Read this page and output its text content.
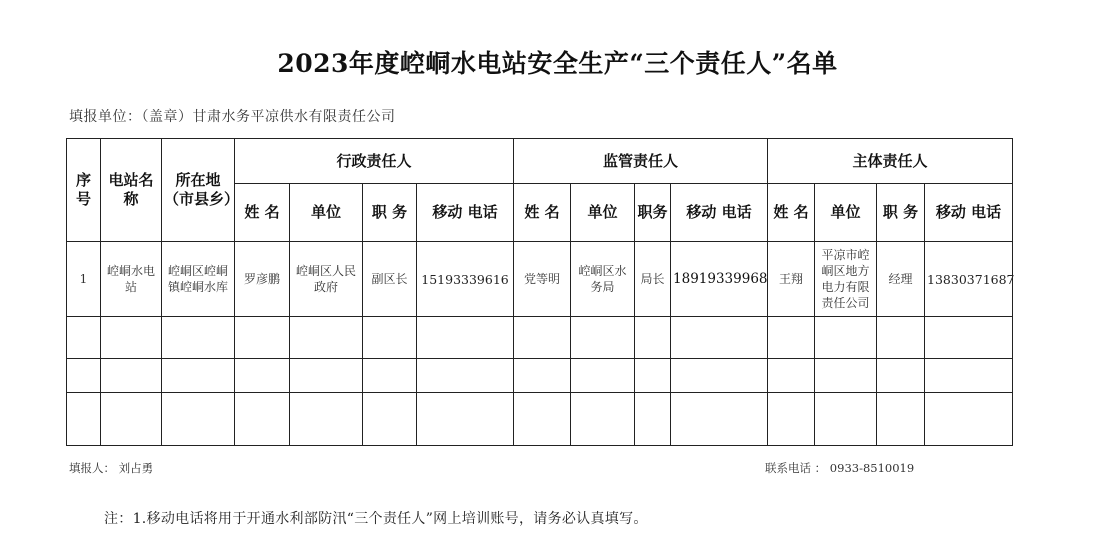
2023年度崆峒水电站安全生产“三个责任人”名单
填报单位：（盖章）甘肃水务平凉供水有限责任公司
序号	电站名称	所在地（市县乡）	行政责任人				监管责任人				主体责任人			
			姓 名	单位	职 务	移动 电话	姓 名	单位	职务	移动 电话	姓 名	单位	职 务	移动 电话
1	崆峒水电站	崆峒区崆峒镇崆峒水库	罗彦鹏	崆峒区人民政府	副区长	15193339616	党等明	崆峒区水务局	局长	18919339968	王翔	平凉市崆峒区地方电力有限责任公司	经理	13830371687

填报人： 刘占勇	联系电话 ： 0933-8510019
注：1.移动电话将用于开通水利部防汛“三个责任人”网上培训账号，请务必认真填写。
